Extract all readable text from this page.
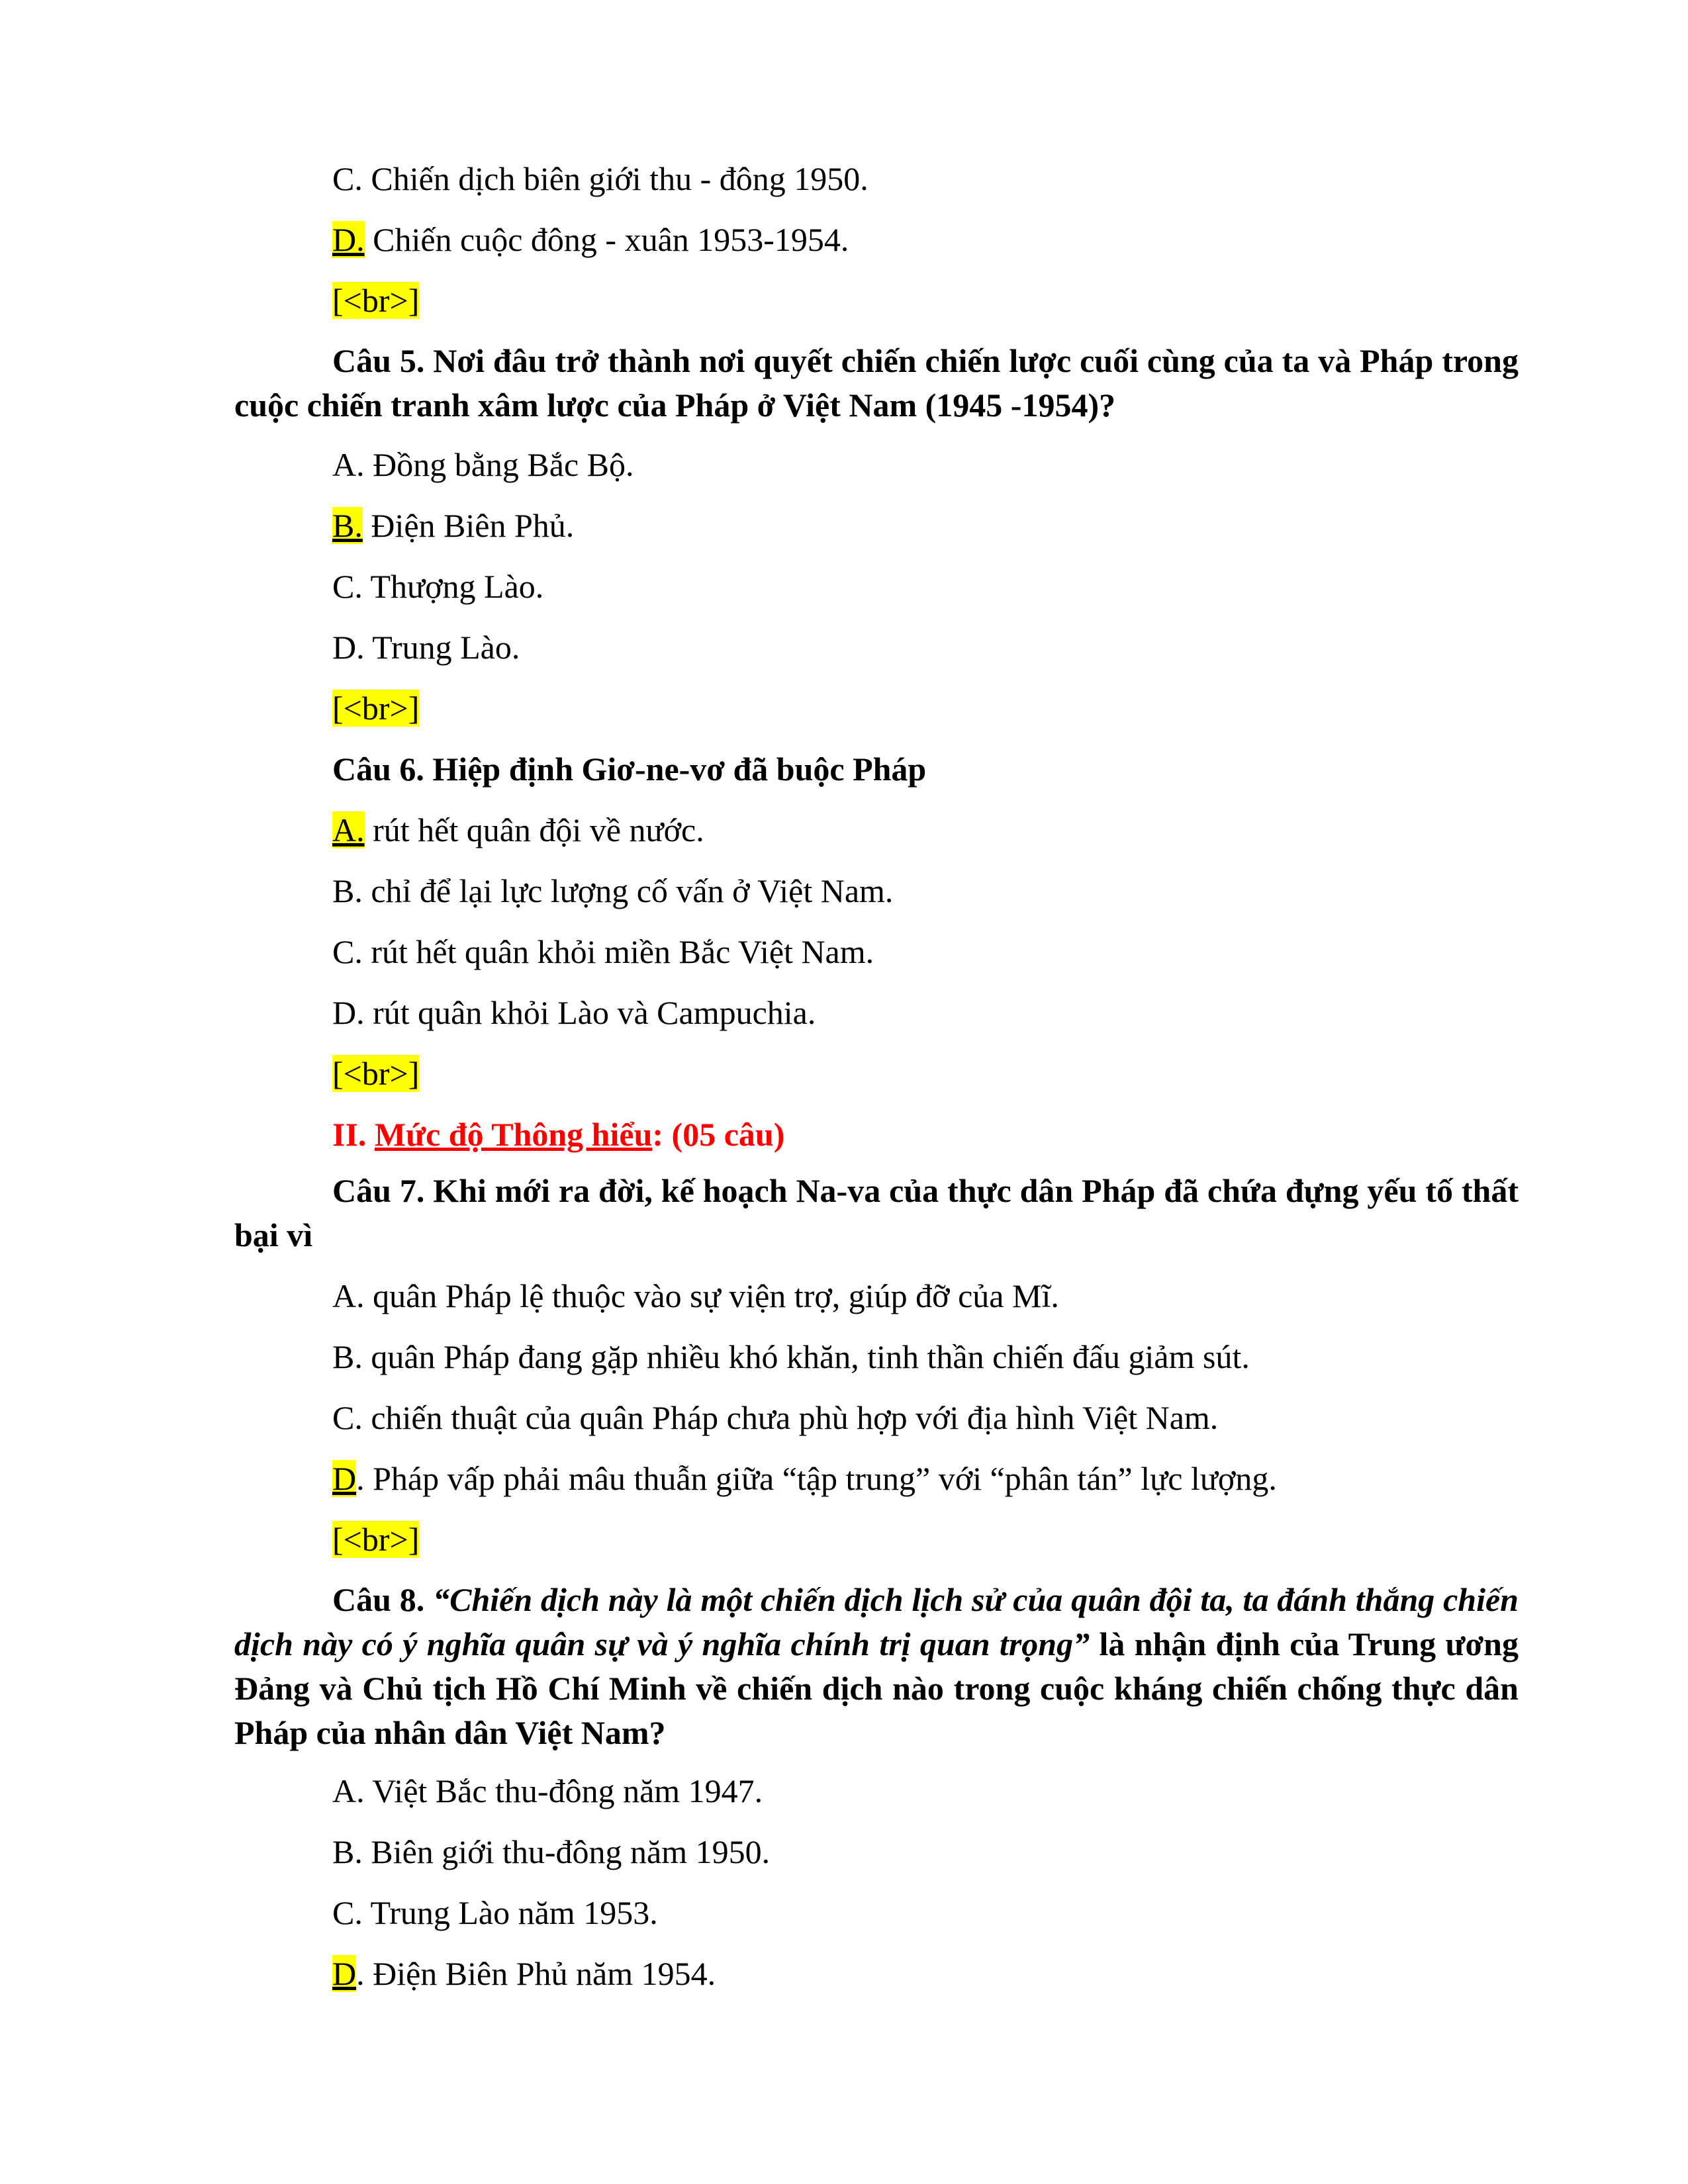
C. Chiến dịch biên giới thu - đông 1950.
D. Chiến cuộc đông - xuân 1953-1954.
[<br>]
Câu 5. Nơi đâu trở thành nơi quyết chiến chiến lược cuối cùng của ta và Pháp trong cuộc chiến tranh xâm lược của Pháp ở Việt Nam (1945 -1954)?
A. Đồng bằng Bắc Bộ.
B. Điện Biên Phủ.
C. Thượng Lào.
D. Trung Lào.
[<br>]
Câu 6. Hiệp định Giơ-ne-vơ đã buộc Pháp
A. rút hết quân đội về nước.
B. chỉ để lại lực lượng cố vấn ở Việt Nam.
C. rút hết quân khỏi miền Bắc Việt Nam.
D. rút quân khỏi Lào và Campuchia.
[<br>]
II. Mức độ Thông hiểu: (05 câu)
Câu 7. Khi mới ra đời, kế hoạch Na-va của thực dân Pháp đã chứa đựng yếu tố thất bại vì
A. quân Pháp lệ thuộc vào sự viện trợ, giúp đỡ của Mĩ.
B. quân Pháp đang gặp nhiều khó khăn, tinh thần chiến đấu giảm sút.
C. chiến thuật của quân Pháp chưa phù hợp với địa hình Việt Nam.
D. Pháp vấp phải mâu thuẫn giữa “tập trung” với “phân tán” lực lượng.
[<br>]
Câu 8. “Chiến dịch này là một chiến dịch lịch sử của quân đội ta, ta đánh thắng chiến dịch này có ý nghĩa quân sự và ý nghĩa chính trị quan trọng” là nhận định của Trung ương Đảng và Chủ tịch Hồ Chí Minh về chiến dịch nào trong cuộc kháng chiến chống thực dân Pháp của nhân dân Việt Nam?
A. Việt Bắc thu-đông năm 1947.
B. Biên giới thu-đông năm 1950.
C. Trung Lào năm 1953.
D. Điện Biên Phủ năm 1954.
